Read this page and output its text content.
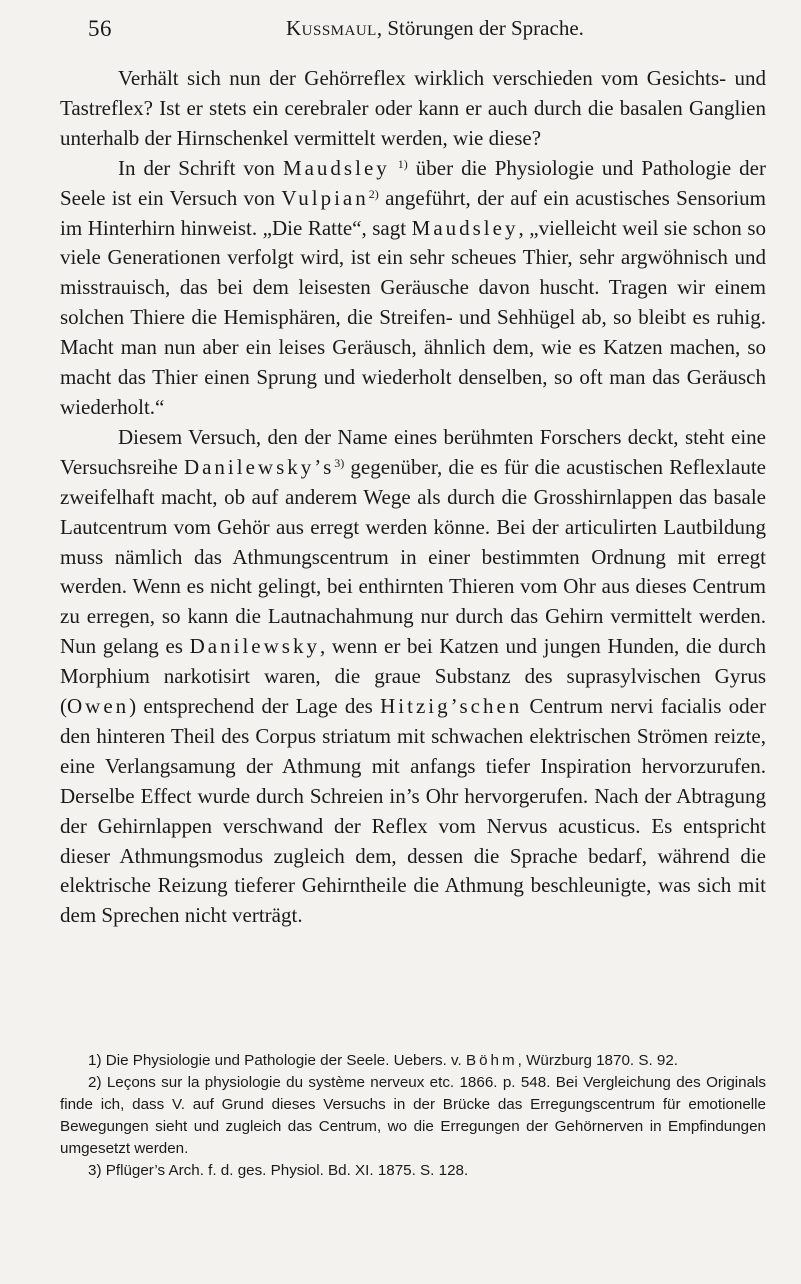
56	Kussmaul, Störungen der Sprache.

Verhält sich nun der Gehörreflex wirklich verschieden vom Gesichts- und Tastreflex? Ist er stets ein cerebraler oder kann er auch durch die basalen Ganglien unterhalb der Hirnschenkel vermittelt werden, wie diese?

In der Schrift von Maudsley $^{1)}$ über die Physiologie und Pathologie der Seele ist ein Versuch von Vulpian$^{2)}$ angeführt, der auf ein acustisches Sensorium im Hinterhirn hinweist. „Die Ratte“, sagt Maudsley, „vielleicht weil sie schon so viele Generationen verfolgt wird, ist ein sehr scheues Thier, sehr argwöhnisch und misstrauisch, das bei dem leisesten Geräusche davon huscht. Tragen wir einem solchen Thiere die Hemisphären, die Streifen- und Sehhügel ab, so bleibt es ruhig. Macht man nun aber ein leises Geräusch, ähnlich dem, wie es Katzen machen, so macht das Thier einen Sprung und wiederholt denselben, so oft man das Geräusch wiederholt.“

Diesem Versuch, den der Name eines berühmten Forschers deckt, steht eine Versuchsreihe $Danilewsky’s^{3)}$ gegenüber, die es für die acustischen Reflexlaute zweifelhaft macht, ob auf anderem Wege als durch die Grosshirnlappen das basale Lautcentrum vom Gehör aus erregt werden könne. Bei der articulirten Lautbildung muss nämlich das Athmungscentrum in einer bestimmten Ordnung mit erregt werden. Wenn es nicht gelingt, bei enthirnten Thieren vom Ohr aus dieses Centrum zu erregen, so kann die Lautnachahmung nur durch das Gehirn vermittelt werden. Nun gelang es Danilewsky, wenn er bei Katzen und jungen Hunden, die durch Morphium narkotisirt waren, die graue Substanz des suprasylvischen Gyrus (Owen) entsprechend der Lage des Hitzig’schen Centrum nervi facialis oder den hinteren Theil des Corpus striatum mit schwachen elektrischen Strömen reizte, eine Verlangsamung der Athmung mit anfangs tiefer Inspiration hervorzurufen. Derselbe Effect wurde durch Schreien in’s Ohr hervorgerufen. Nach der Abtragung der Gehirnlappen verschwand der Reflex vom Nervus acusticus. Es entspricht dieser Athmungsmodus zugleich dem, dessen die Sprache bedarf, während die elektrische Reizung tieferer Gehirntheile die Athmung beschleunigte, was sich mit dem Sprechen nicht verträgt.

1) Die Physiologie und Pathologie der Seele. Uebers. v. Böhm, Würzburg 1870. S. 92.

2) Leçons sur la physiologie du système nerveux etc. 1866. p. 548. Bei Vergleichung des Originals finde ich, dass V. auf Grund dieses Versuchs in der Brücke das Erregungscentrum für emotionelle Bewegungen sieht und zugleich das Centrum, wo die Erregungen der Gehörnerven in Empfindungen umgesetzt werden.

3) Pflüger’s Arch. f. d. ges. Physiol. Bd. XI. 1875. S. 128.
